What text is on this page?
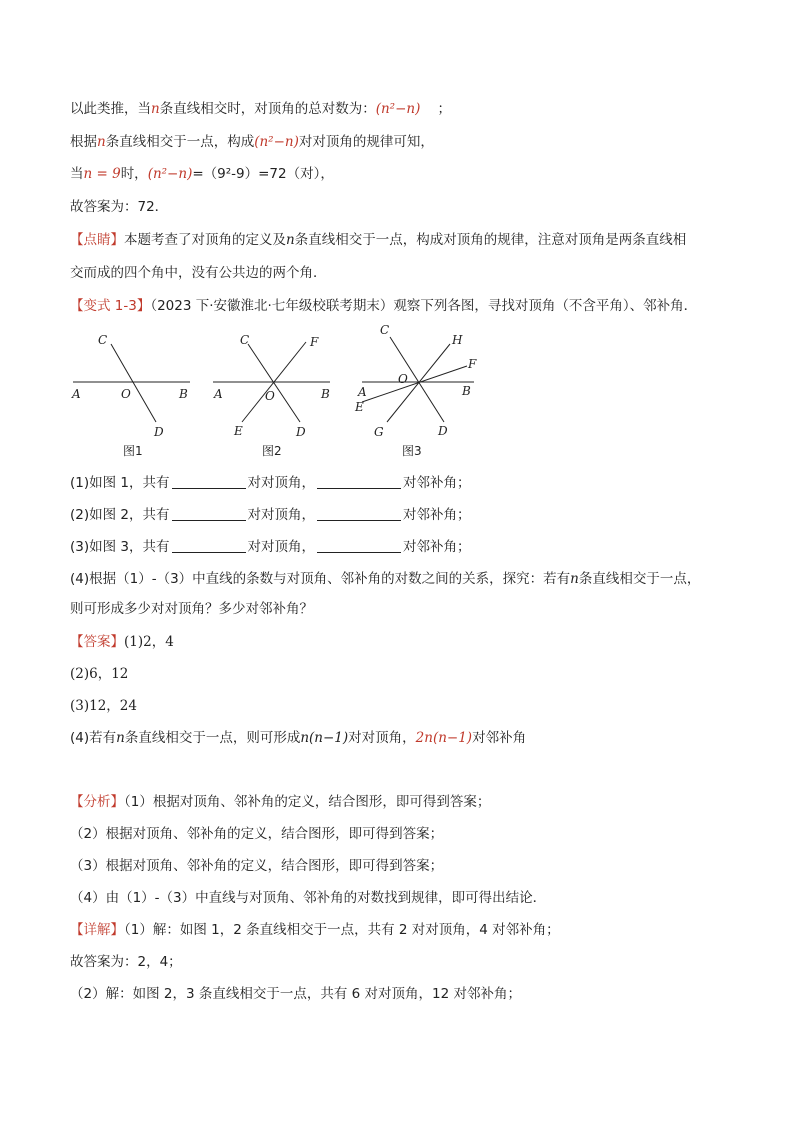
以此类推，当n条直线相交时，对顶角的总对数为：(n²−n) ；
根据n条直线相交于一点，构成(n²−n)对对顶角的规律可知，
当n = 9时，(n²−n)=（9²-9）=72（对），
故答案为：72．
【点睛】本题考查了对顶角的定义及n条直线相交于一点，构成对顶角的规律，注意对顶角是两条直线相
交而成的四个角中，没有公共边的两个角．
【变式 1-3】（2023 下·安徽淮北·七年级校联考期末）观察下列各图，寻找对顶角（不含平角）、邻补角．
C
A	O	B
D
图1
C	F
A	O	B
E	D
图2
C
H
F
O
A	B
E
G	D
图3
(1)如图 1，共有	对对顶角，	对邻补角；
(2)如图 2，共有	对对顶角，	对邻补角；
(3)如图 3，共有	对对顶角，	对邻补角；
(4)根据（1）-（3）中直线的条数与对顶角、邻补角的对数之间的关系，探究：若有n条直线相交于一点，
则可形成多少对对顶角？多少对邻补角？
【答案】(1)2，4
(2)6，12
(3)12，24
(4)若有n条直线相交于一点，则可形成n(n−1)对对顶角，2n(n−1)对邻补角
【分析】（1）根据对顶角、邻补角的定义，结合图形，即可得到答案；
（2）根据对顶角、邻补角的定义，结合图形，即可得到答案；
（3）根据对顶角、邻补角的定义，结合图形，即可得到答案；
（4）由（1）-（3）中直线与对顶角、邻补角的对数找到规律，即可得出结论．
【详解】（1）解：如图 1，2 条直线相交于一点，共有 2 对对顶角，4 对邻补角；
故答案为：2，4；
（2）解：如图 2，3 条直线相交于一点，共有 6 对对顶角，12 对邻补角；
